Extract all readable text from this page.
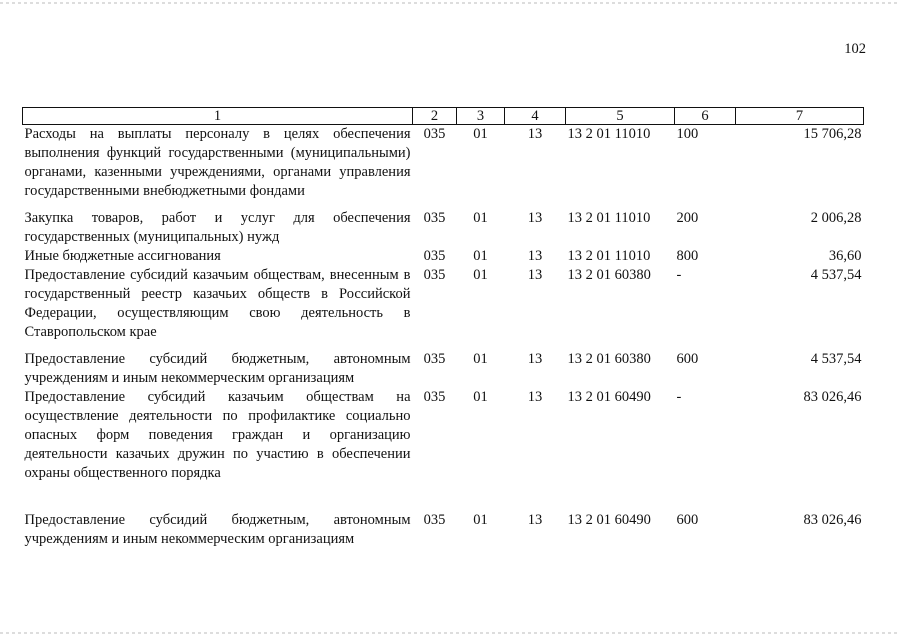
102
1	2	3	4	5	6	7
Расходы на выплаты персоналу в целях обеспечения выполнения функций государственными (муниципальными) органами, казенными учреждениями, органами управления государственными внебюджетными фондами	035	01	13	13 2 01 11010	100	15 706,28
Закупка товаров, работ и услуг для обеспечения государственных (муниципальных) нужд	035	01	13	13 2 01 11010	200	2 006,28
Иные бюджетные ассигнования	035	01	13	13 2 01 11010	800	36,60
Предоставление субсидий казачьим обществам, внесенным в государственный реестр казачьих обществ в Российской Федерации, осуществляющим свою деятельность в Ставропольском крае	035	01	13	13 2 01 60380	-	4 537,54
Предоставление субсидий бюджетным, автономным учреждениям и иным некоммерческим организациям	035	01	13	13 2 01 60380	600	4 537,54
Предоставление субсидий казачьим обществам на осуществление деятельности по профилактике социально опасных форм поведения граждан и организацию деятельности казачьих дружин по участию в обеспечении охраны общественного порядка	035	01	13	13 2 01 60490	-	83 026,46
Предоставление субсидий бюджетным, автономным учреждениям и иным некоммерческим организациям	035	01	13	13 2 01 60490	600	83 026,46
